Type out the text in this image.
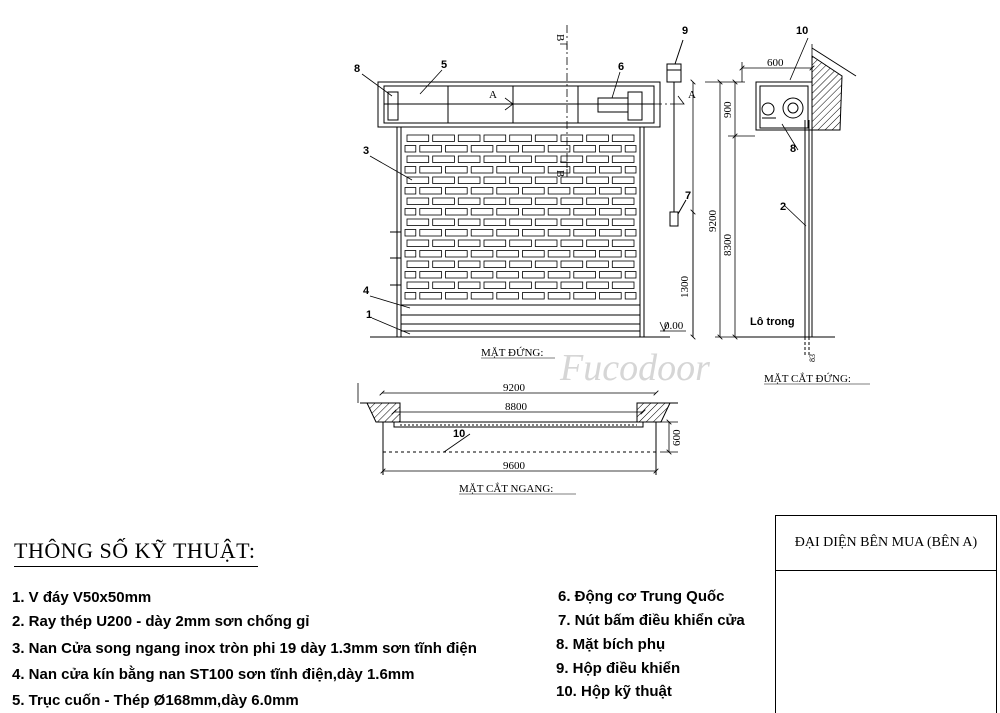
Fucodoor
A	A
B
B
8	5	6
3
4
1
9
7
0.00
1300
9200
900
8300
600
10
8
2
Lô trong
83
MẶT ĐỨNG:
MẶT CẮT ĐỨNG:
9200
8800
9600
600
10
MẶT CẮT NGANG:
THÔNG SỐ KỸ THUẬT:
1. V đáy V50x50mm
2. Ray thép U200 - dày 2mm sơn chống gỉ
3. Nan Cửa song ngang inox tròn phi 19 dày 1.3mm sơn tĩnh điện
4. Nan cửa kín bằng nan ST100 sơn tĩnh điện,dày 1.6mm
5. Trục cuốn - Thép Ø168mm,dày 6.0mm
6. Động cơ Trung Quốc
7. Nút bấm điều khiển cửa
8. Mặt bích phụ
9. Hộp điều khiển
10. Hộp kỹ thuật
ĐẠI DIỆN BÊN MUA (BÊN A)
